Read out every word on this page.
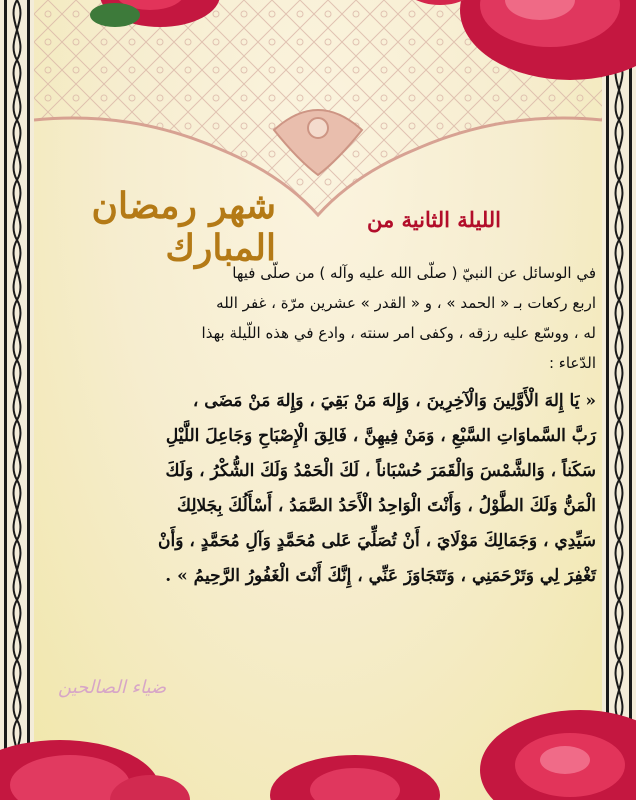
الليلة الثانية من
شهر رمضان المبارك

في الوسائل عن النبيّ ( صلّى الله عليه وآله ) من صلّى فيها

اربع ركعات بـ « الحمد » ، و « القدر » عشرين مرّة ، غفر الله

له ، ووسّع عليه رزقه ، وكفى امر سنته ، وادع في هذه اللّيلة بهذا

الدّعاء :

« يَا إِلهَ الْأَوَّلِينَ وَالْآخِرِينَ ، وَإِلهَ مَنْ بَقِيَ ، وَإِلهَ مَنْ مَضَى ،

رَبَّ السَّماوَاتِ السَّبْعِ ، وَمَنْ فِيهِنَّ ، فَالِقَ الْإِصْبَاحِ وَجَاعِلَ اللَّيْلِ

سَكَناً ، وَالشَّمْسَ وَالْقَمَرَ حُسْبَاناً ، لَكَ الْحَمْدُ وَلَكَ الشُّكْرُ ، وَلَكَ

الْمَنُّ وَلَكَ الطَّوْلُ ، وَأَنْتَ الْوَاحِدُ الْأَحَدُ الصَّمَدُ ، أَسْأَلُكَ بِجَلالِكَ

سَيِّدِي ، وَجَمَالِكَ مَوْلَايَ ، أَنْ تُصَلِّيَ عَلى مُحَمَّدٍ وَآلِ مُحَمَّدٍ ، وَأَنْ

تَغْفِرَ لِي وَتَرْحَمَنِي ، وَتَتَجَاوَزَ عَنِّي ، إِنَّكَ أَنْتَ الْغَفُورُ الرَّحِيمُ » .

ضياء الصالحين
